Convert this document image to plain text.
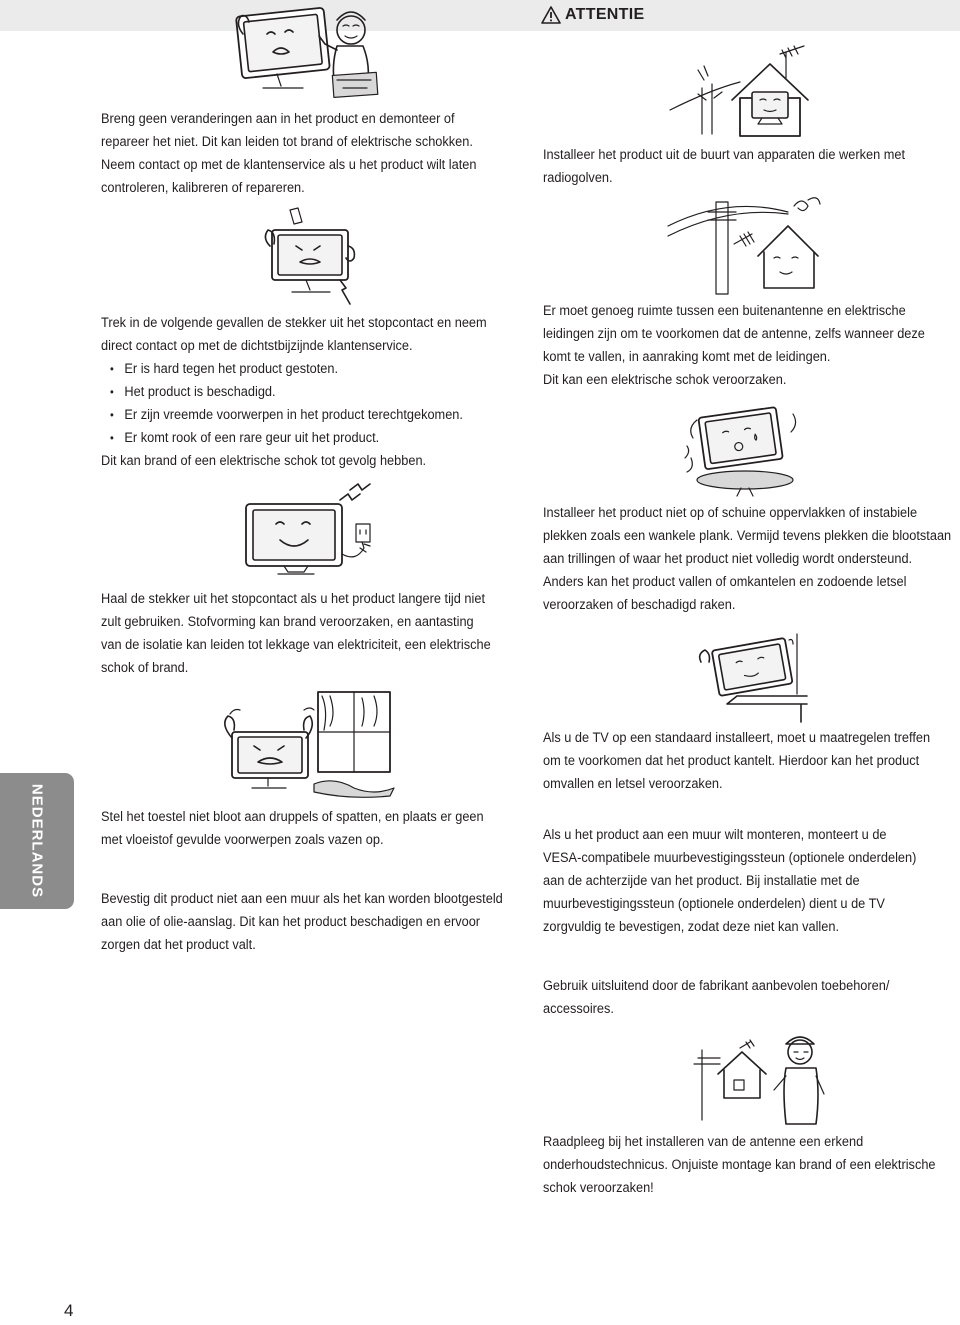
ATTENTIE
NEDERLANDS
Breng geen veranderingen aan in het product en demonteer of
repareer het niet. Dit kan leiden tot brand of elektrische schokken.
Neem contact op met de klantenservice als u het product wilt laten
controleren, kalibreren of repareren.
Trek in de volgende gevallen de stekker uit het stopcontact en neem
direct contact op met de dichtstbijzijnde klantenservice.
• Er is hard tegen het product gestoten.
• Het product is beschadigd.
• Er zijn vreemde voorwerpen in het product terechtgekomen.
• Er komt rook of een rare geur uit het product.
Dit kan brand of een elektrische schok tot gevolg hebben.
Haal de stekker uit het stopcontact als u het product langere tijd niet
zult gebruiken. Stofvorming kan brand veroorzaken, en aantasting
van de isolatie kan leiden tot lekkage van elektriciteit, een elektrische
schok of brand.
Stel het toestel niet bloot aan druppels of spatten, en plaats er geen
met vloeistof gevulde voorwerpen zoals vazen op.
Bevestig dit product niet aan een muur als het kan worden blootgesteld
aan olie of olie-aanslag. Dit kan het product beschadigen en ervoor
zorgen dat het product valt.
Installeer het product uit de buurt van apparaten die werken met
radiogolven.
Er moet genoeg ruimte tussen een buitenantenne en elektrische
leidingen zijn om te voorkomen dat de antenne, zelfs wanneer deze
komt te vallen, in aanraking komt met de leidingen.
Dit kan een elektrische schok veroorzaken.
Installeer het product niet op of schuine oppervlakken of instabiele
plekken zoals een wankele plank. Vermijd tevens plekken die blootstaan
aan trillingen of waar het product niet volledig wordt ondersteund.
Anders kan het product vallen of omkantelen en zodoende letsel
veroorzaken of beschadigd raken.
Als u de TV op een standaard installeert, moet u maatregelen treffen
om te voorkomen dat het product kantelt. Hierdoor kan het product
omvallen en letsel veroorzaken.
Als u het product aan een muur wilt monteren, monteert u de
VESA-compatibele muurbevestigingssteun (optionele onderdelen)
aan de achterzijde van het product. Bij installatie met de
muurbevestigingssteun (optionele onderdelen) dient u de TV
zorgvuldig te bevestigen, zodat deze niet kan vallen.
Gebruik uitsluitend door de fabrikant aanbevolen toebehoren/
accessoires.
Raadpleeg bij het installeren van de antenne een erkend
onderhoudstechnicus. Onjuiste montage kan brand of een elektrische
schok veroorzaken!
4
